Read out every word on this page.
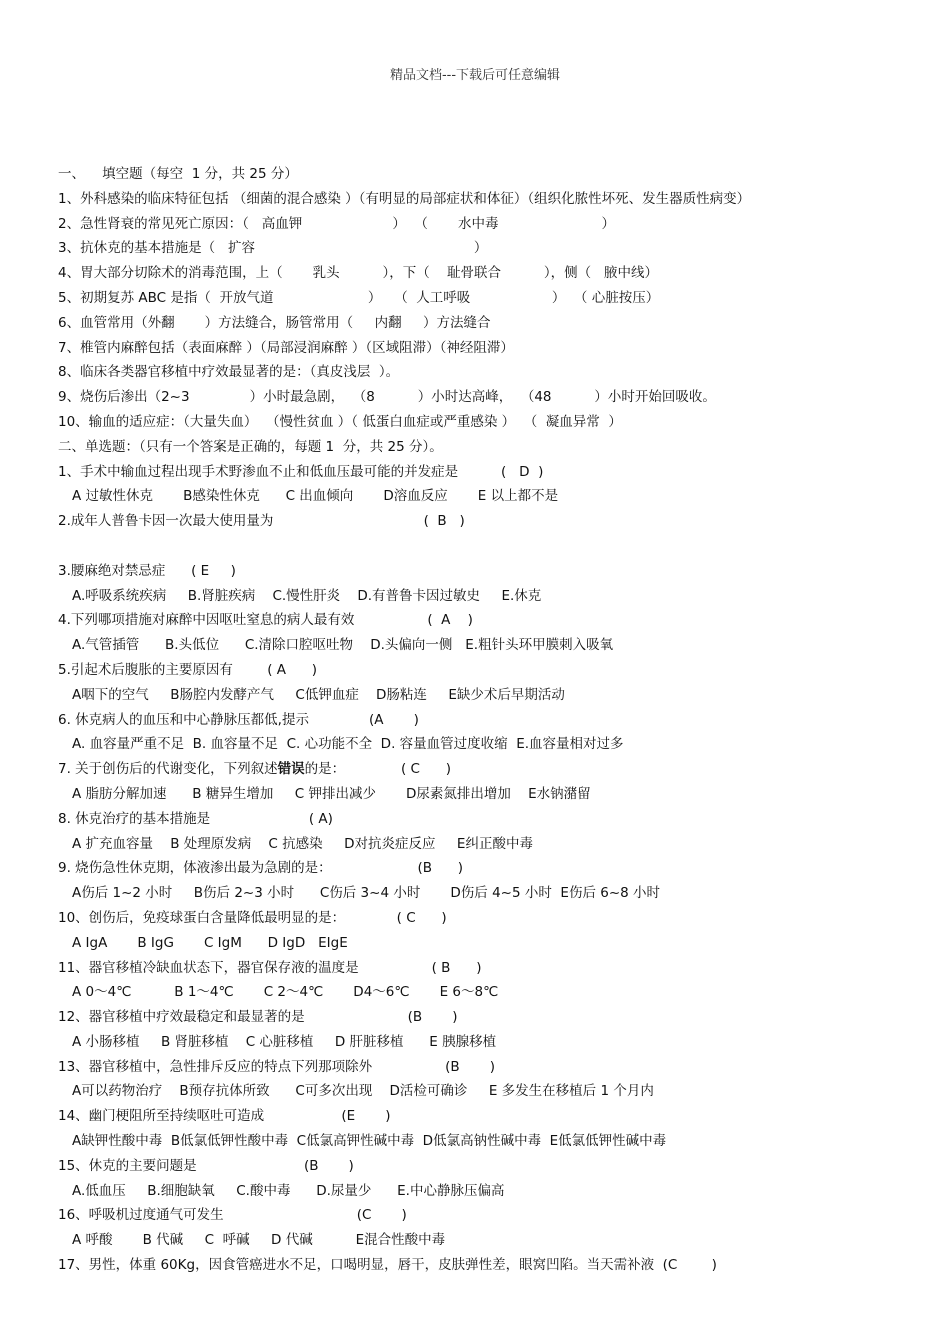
精品文档---下载后可任意编辑
一、    填空题（每空  1 分，共 25 分）
1、外科感染的临床特征包括 （细菌的混合感染 ）（有明显的局部症状和体征）（组织化脓性坏死、发生器质性病变）
2、急性肾衰的常见死亡原因：（   高血钾                     ）  （       水中毒                        ）
3、抗休克的基本措施是（   扩容                                                   ）
4、胃大部分切除术的消毒范围，上（       乳头          ），下（    耻骨联合          ），侧（   腋中线）
5、初期复苏 ABC 是指（  开放气道                      ）   （  人工呼吸                   ）  （ 心脏按压）
6、血管常用（外翻       ）方法缝合，肠管常用（     内翻     ）方法缝合
7、椎管内麻醉包括（表面麻醉 ）（局部浸润麻醉 ）（区域阻滞）（神经阻滞）
8、临床各类器官移植中疗效最显著的是：（真皮浅层  ）。
9、烧伤后渗出（2~3              ）小时最急剧，  （8          ）小时达高峰，  （48          ）小时开始回吸收。
10、输血的适应症：（大量失血）  （慢性贫血 ）（ 低蛋白血症或严重感染 ）  （  凝血异常  ）
二、单选题：（只有一个答案是正确的，每题 1  分，共 25 分）。
1、手术中输血过程出现手术野渗血不止和低血压最可能的并发症是          (   D  )
A 过敏性休克       B感染性休克      C 出血倾向       D溶血反应       E 以上都不是
2.成年人普鲁卡因一次最大使用量为                                   (  B   )
3.腰麻绝对禁忌症      ( E     )
A.呼吸系统疾病     B.肾脏疾病    C.慢性肝炎    D.有普鲁卡因过敏史     E.休克
4.下列哪项措施对麻醉中因呕吐窒息的病人最有效                 (  A    )
A.气管插管      B.头低位      C.清除口腔呕吐物    D.头偏向一侧   E.粗针头环甲膜刺入吸氧
5.引起术后腹胀的主要原因有        ( A      )
A咽下的空气     B肠腔内发酵产气     C低钾血症    D肠粘连     E缺少术后早期活动
6. 休克病人的血压和中心静脉压都低,提示              (A       )
A. 血容量严重不足  B. 血容量不足  C. 心功能不全  D. 容量血管过度收缩  E.血容量相对过多
7. 关于创伤后的代谢变化，下列叙述错误的是：             ( C      )
A 脂肪分解加速      B 糖异生增加     C 钾排出减少       D尿素氮排出增加    E水钠潴留
8. 休克治疗的基本措施是                       ( A)
A 扩充血容量    B 处理原发病    C 抗感染     D对抗炎症反应     E纠正酸中毒
9. 烧伤急性休克期，体液渗出最为急剧的是：                    (B      )
A伤后 1~2 小时     B伤后 2~3 小时      C伤后 3~4 小时       D伤后 4~5 小时  E伤后 6~8 小时
10、创伤后，免疫球蛋白含量降低最明显的是：            ( C      )
A IgA       B IgG       C IgM      D IgD   EIgE
11、器官移植冷缺血状态下，器官保存液的温度是                 ( B      )
A 0～4℃          B 1～4℃       C 2～4℃       D4～6℃       E 6～8℃
12、器官移植中疗效最稳定和最显著的是                        (B       )
A 小肠移植     B 肾脏移植    C 心脏移植     D 肝脏移植      E 胰腺移植
13、器官移植中，急性排斥反应的特点下列那项除外                 (B       )
A可以药物治疗    B预存抗体所致      C可多次出现    D活检可确诊     E 多发生在移植后 1 个月内
14、幽门梗阻所至持续呕吐可造成                  (E       )
A缺钾性酸中毒  B低氯低钾性酸中毒  C低氯高钾性碱中毒  D低氯高钠性碱中毒  E低氯低钾性碱中毒
15、休克的主要问题是                         (B       )
A.低血压     B.细胞缺氧     C.酸中毒      D.尿量少      E.中心静脉压偏高
16、呼吸机过度通气可发生                               (C       )
A 呼酸       B 代碱     C  呼碱     D 代碱          E混合性酸中毒
17、男性，体重 60Kg，因食管癌进水不足，口喝明显，唇干，皮肤弹性差，眼窝凹陷。当天需补液  (C        )
